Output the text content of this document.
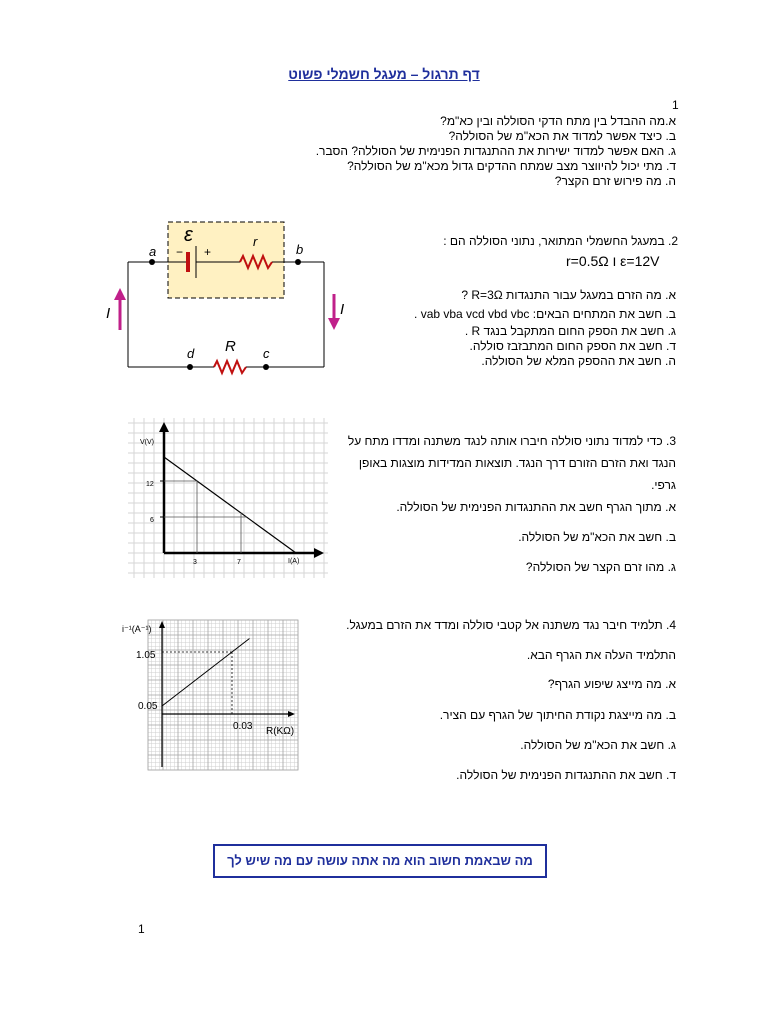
דף תרגול – מעגל חשמלי פשוט
1
א.מה ההבדל בין מתח הדקי הסוללה ובין כא"מ?
ב. כיצד אפשר למדוד את הכא"מ של הסוללה?
ג. האם אפשר למדוד ישירות את ההתנגדות הפנימית של הסוללה? הסבר.
ד. מתי יכול להיווצר מצב שמתח ההדקים גדול מכא"מ של הסוללה?
ה. מה פירוש זרם הקצר?
2. במעגל החשמלי המתואר, נתוני הסוללה הם :
r=0.5Ω ו ε=12V
א. מה הזרם במעגל עבור התנגדות R=3Ω ?
ב. חשב את המתחים הבאים: vab vba vcd vbd vbc .
ג. חשב את הספק החום המתקבל בנגד R .
ד. חשב את הספק החום המתבזבז סוללה.
ה. חשב את ההספק המלא של הסוללה.
ε
− +
r
R
a	b
d	c
I	I
3. כדי למדוד נתוני סוללה חיברו אותה לנגד משתנה ומדדו מתח על
הנגד ואת הזרם הזורם דרך הנגד. תוצאות המדידות מוצגות באופן
גרפי.
א. מתוך הגרף חשב את ההתנגדות הפנימית של הסוללה.
ב. חשב את הכא"מ של הסוללה.
ג. מהו זרם הקצר של הסוללה?
V(V)
I(A)
12
6
3	7
4. תלמיד חיבר נגד משתנה אל קטבי סוללה ומדד את הזרם במעגל.
התלמיד העלה את הגרף הבא.
א. מה מייצג שיפוע הגרף?
ב. מה מייצגת נקודת החיתוך של הגרף עם הציר.
ג. חשב את הכא"מ של הסוללה.
ד. חשב את ההתנגדות הפנימית של הסוללה.
i⁻¹(A⁻¹)
R(KΩ)
1.05
0.05
0.03
מה שבאמת חשוב הוא מה אתה עושה עם מה שיש לך
1
